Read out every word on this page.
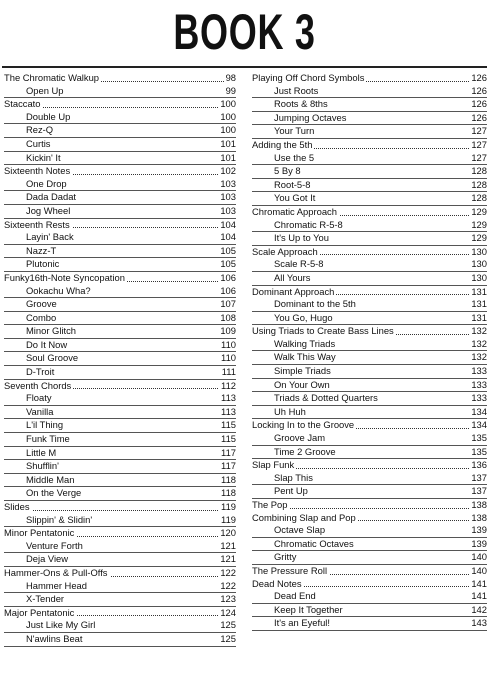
BOOK 3
The Chromatic Walkup	98
Open Up	99
Staccato	100
Double Up	100
Rez-Q	100
Curtis	101
Kickin' It	101
Sixteenth Notes	102
One Drop	103
Dada Dadat	103
Jog Wheel	103
Sixteenth Rests	104
Layin' Back	104
Nazz-T	105
Plutonic	105
Funky16th-Note Syncopation	106
Ookachu Wha?	106
Groove	107
Combo	108
Minor Glitch	109
Do It Now	110
Soul Groove	110
D-Troit	111
Seventh Chords	112
Floaty	113
Vanilla	113
L'il Thing	115
Funk Time	115
Little M	117
Shufflin'	117
Middle Man	118
On the Verge	118
Slides	119
Slippin' & Slidin'	119
Minor Pentatonic	120
Venture Forth	121
Deja View	121
Hammer-Ons & Pull-Offs	122
Hammer Head	122
X-Tender	123
Major Pentatonic	124
Just Like My Girl	125
N'awlins Beat	125
Playing Off Chord Symbols	126
Just Roots	126
Roots & 8ths	126
Jumping Octaves	126
Your Turn	127
Adding the 5th	127
Use the 5	127
5 By 8	128
Root-5-8	128
You Got It	128
Chromatic Approach	129
Chromatic R-5-8	129
It's Up to You	129
Scale Approach	130
Scale R-5-8	130
All Yours	130
Dominant Approach	131
Dominant to the 5th	131
You Go, Hugo	131
Using Triads to Create Bass Lines	132
Walking Triads	132
Walk This Way	132
Simple Triads	133
On Your Own	133
Triads & Dotted Quarters	133
Uh Huh	134
Locking In to the Groove	134
Groove Jam	135
Time 2 Groove	135
Slap Funk	136
Slap This	137
Pent Up	137
The Pop	138
Combining Slap and Pop	138
Octave Slap	139
Chromatic Octaves	139
Gritty	140
The Pressure Roll	140
Dead Notes	141
Dead End	141
Keep It Together	142
It's an Eyeful!	143
